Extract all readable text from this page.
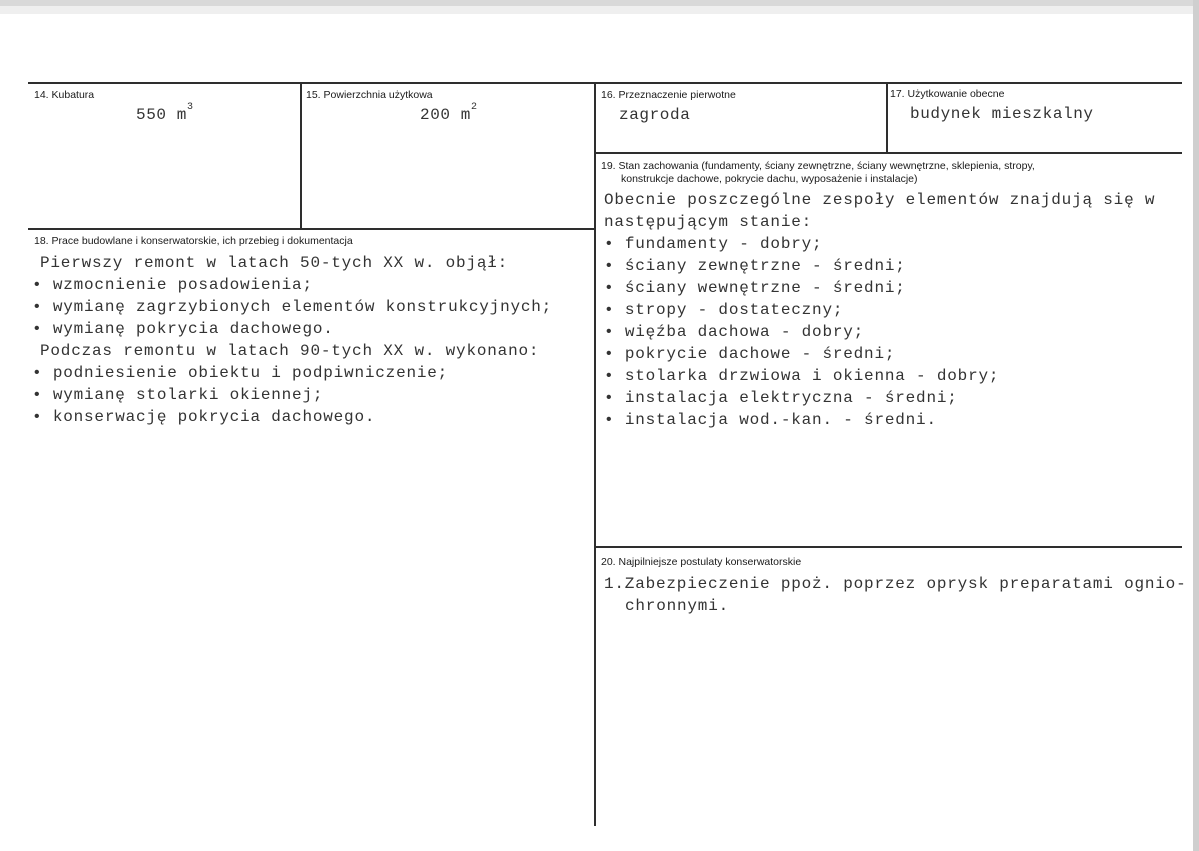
14. Kubatura
550 $m^3$
15. Powierzchnia użytkowa
200 $m^2$
16. Przeznaczenie pierwotne
zagroda
17. Użytkowanie obecne
budynek mieszkalny
18. Prace budowlane i konserwatorskie, ich przebieg i dokumentacja
Pierwszy remont w latach 50-tych XX w. objął:
• wzmocnienie posadowienia;
• wymianę zagrzybionych elementów konstrukcyjnych;
• wymianę pokrycia dachowego.
Podczas remontu w latach 90-tych XX w. wykonano:
• podniesienie obiektu i podpiwniczenie;
• wymianę stolarki okiennej;
• konserwację pokrycia dachowego.
19. Stan zachowania (fundamenty, ściany zewnętrzne, ściany wewnętrzne, sklepienia, stropy,
konstrukcje dachowe, pokrycie dachu, wyposażenie i instalacje)
Obecnie poszczególne zespoły elementów znajdują się w
następującym stanie:
• fundamenty - dobry;
• ściany zewnętrzne - średni;
• ściany wewnętrzne - średni;
• stropy - dostateczny;
• więźba dachowa - dobry;
• pokrycie dachowe - średni;
• stolarka drzwiowa i okienna - dobry;
• instalacja elektryczna - średni;
• instalacja wod.-kan. - średni.
20. Najpilniejsze postulaty konserwatorskie
1.Zabezpieczenie ppoż. poprzez oprysk preparatami ognio-
chronnymi.
